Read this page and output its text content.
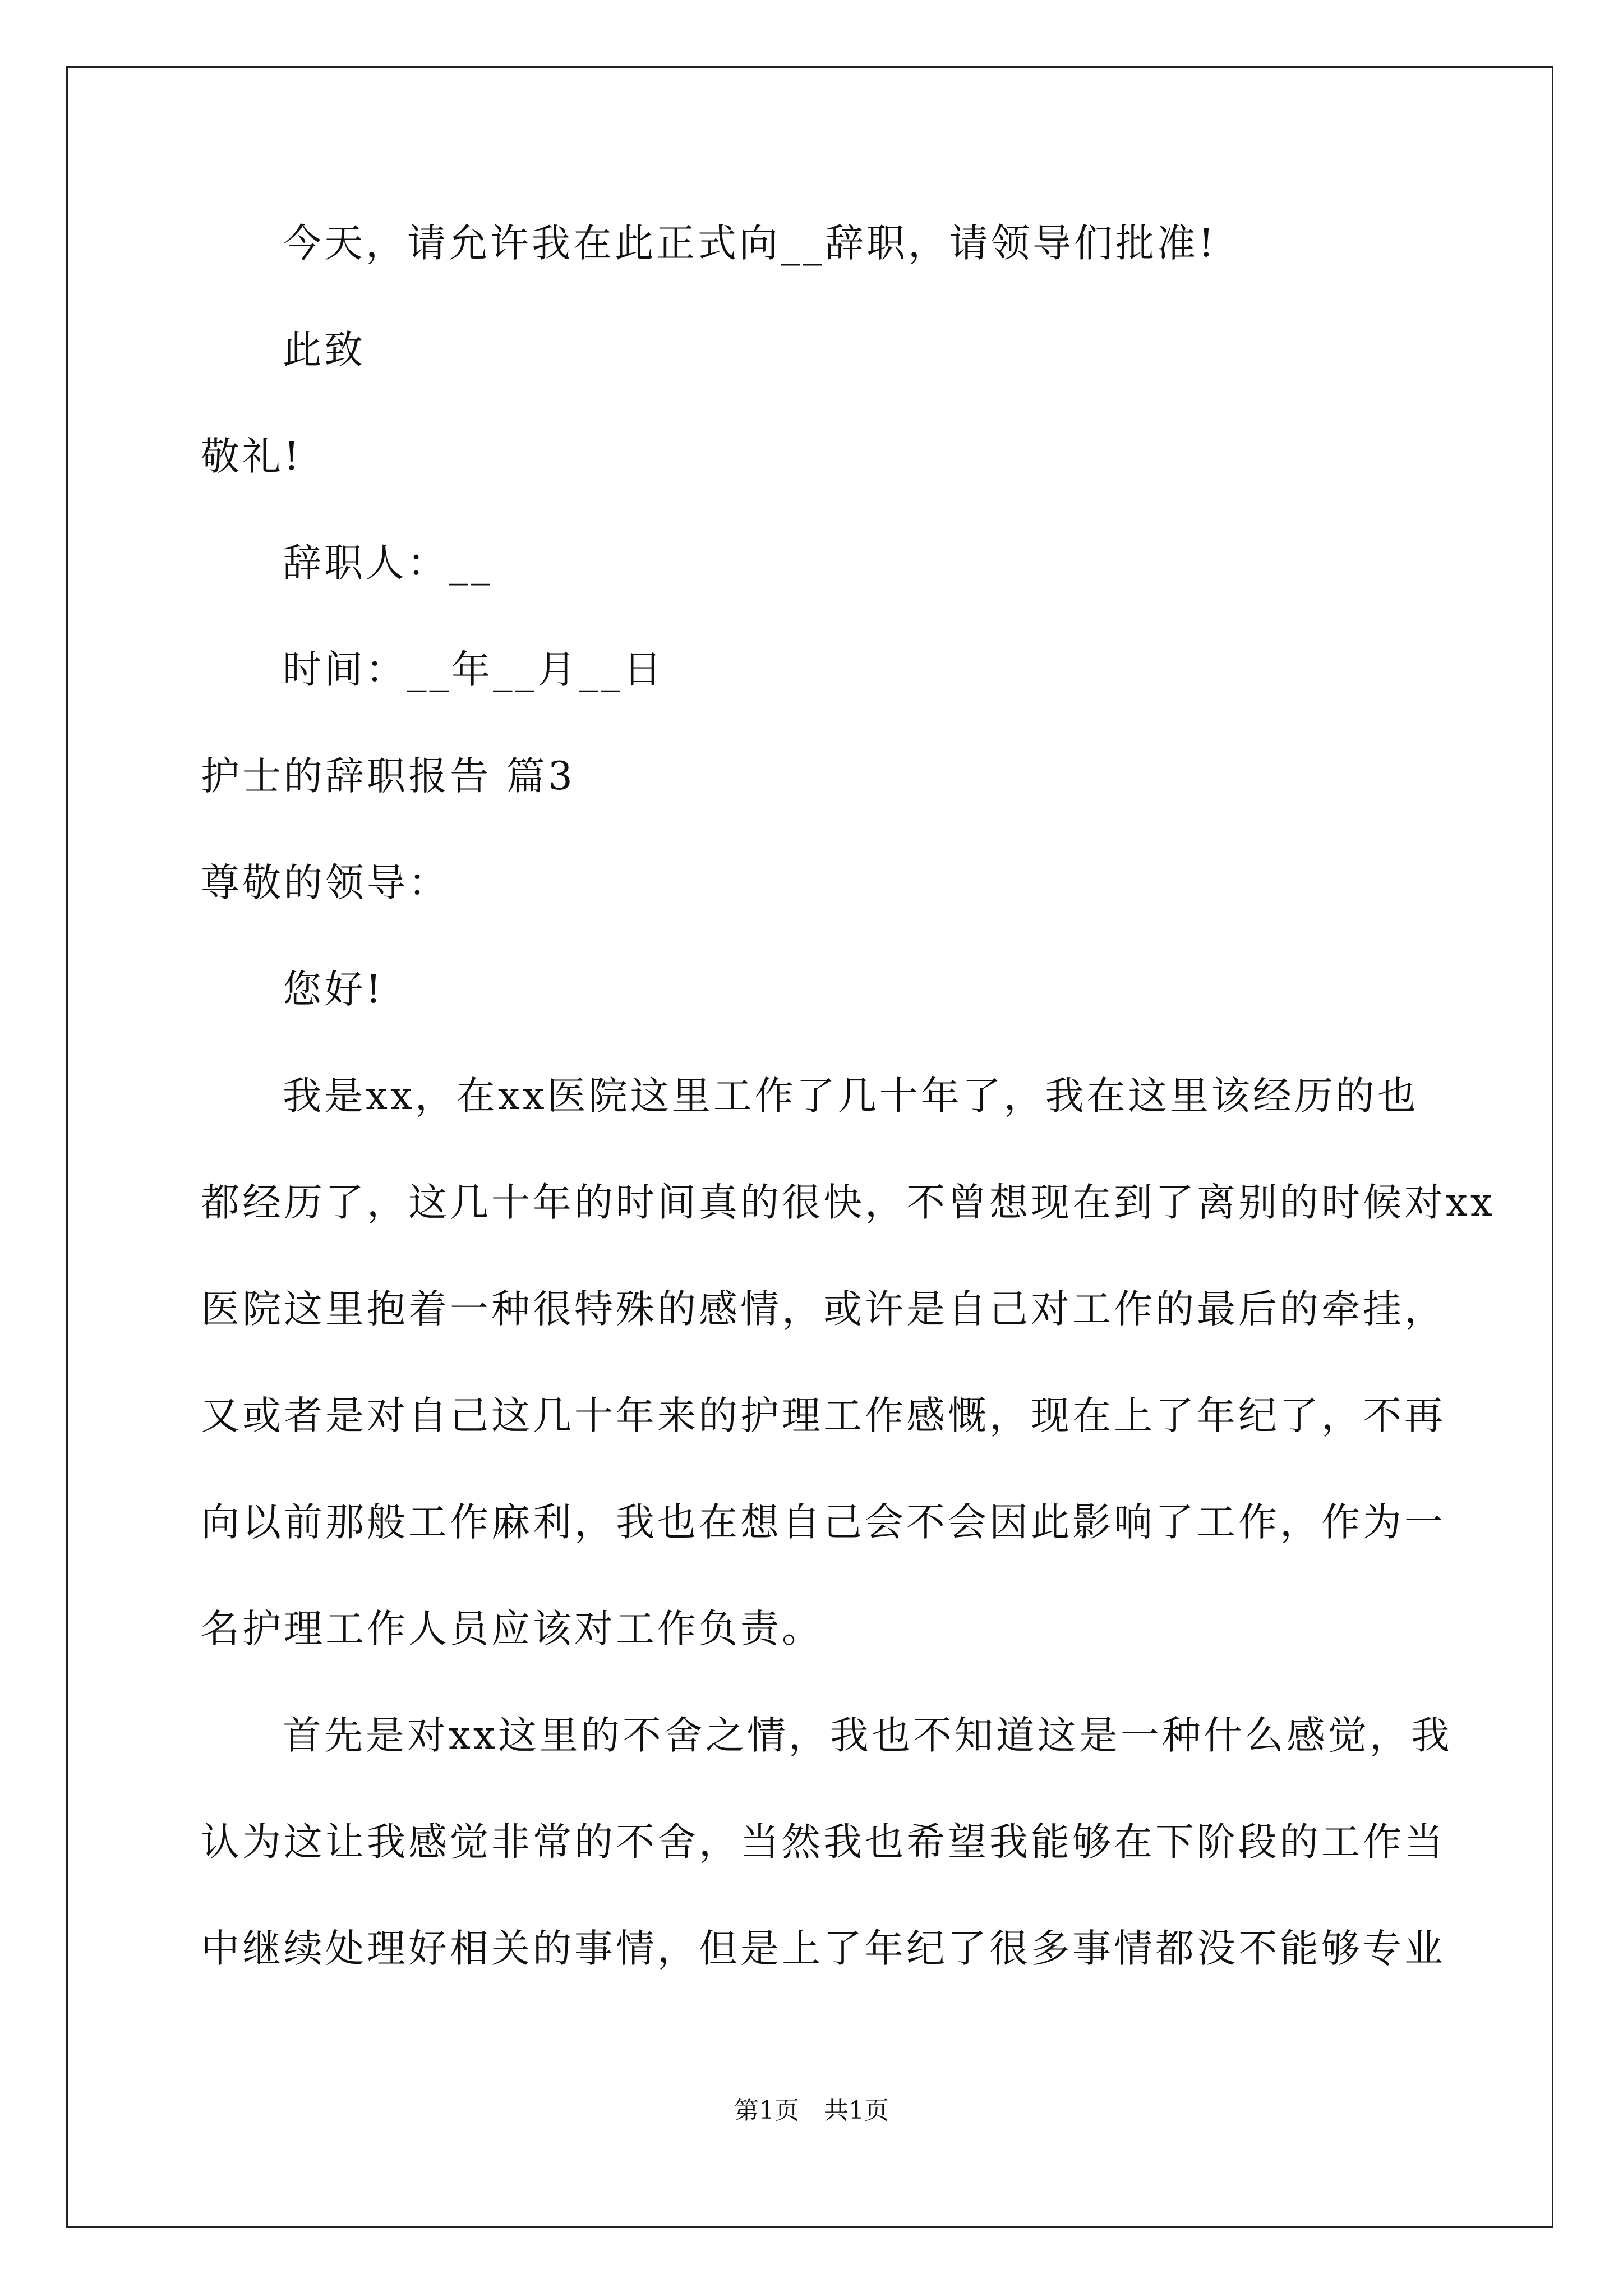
今天，请允许我在此正式向__辞职，请领导们批准!
此致
敬礼!
辞职人：__
时间：__年__月__日
护士的辞职报告 篇3
尊敬的领导：
您好!
我是xx，在xx医院这里工作了几十年了，我在这里该经历的也
都经历了，这几十年的时间真的很快，不曾想现在到了离别的时候对xx
医院这里抱着一种很特殊的感情，或许是自己对工作的最后的牵挂，
又或者是对自己这几十年来的护理工作感慨，现在上了年纪了，不再
向以前那般工作麻利，我也在想自己会不会因此影响了工作，作为一
名护理工作人员应该对工作负责。
首先是对xx这里的不舍之情，我也不知道这是一种什么感觉，我
认为这让我感觉非常的不舍，当然我也希望我能够在下阶段的工作当
中继续处理好相关的事情，但是上了年纪了很多事情都没不能够专业
第1页　共1页
